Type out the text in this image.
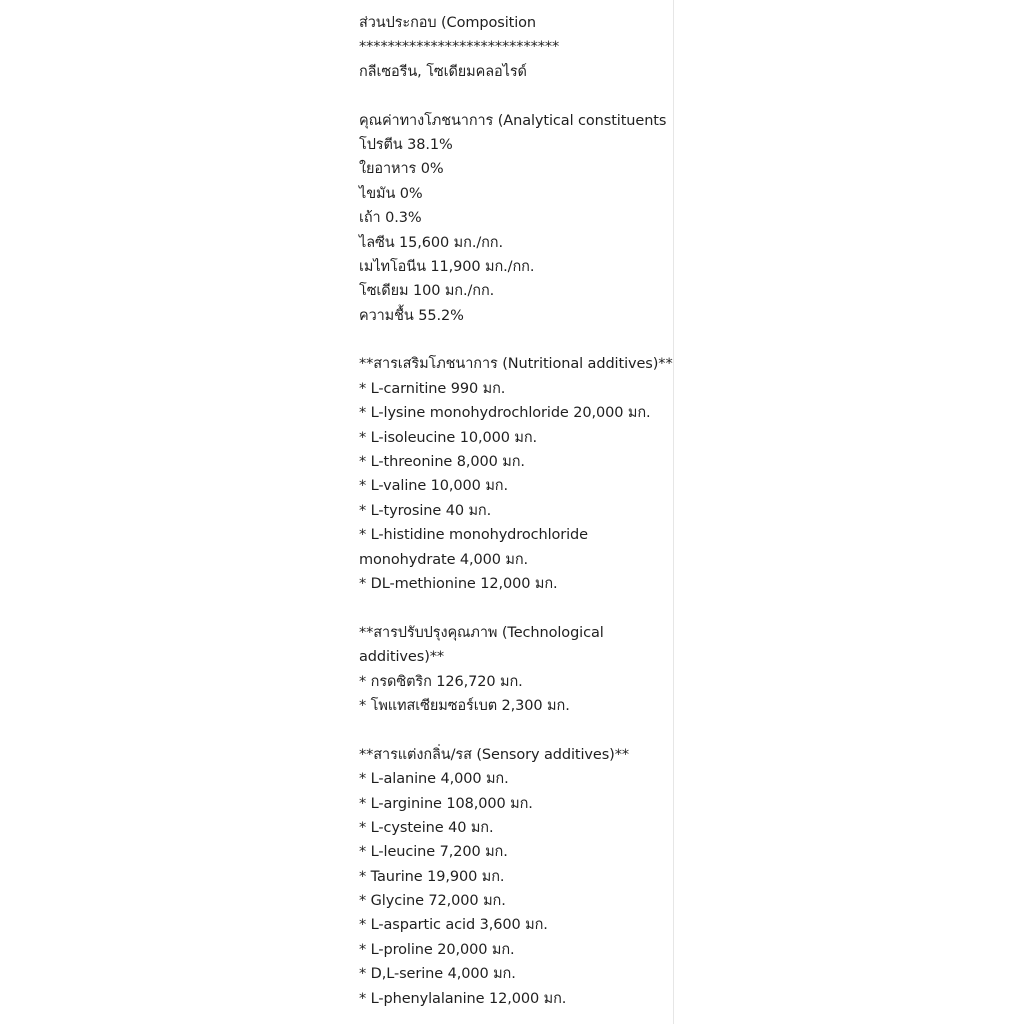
ส่วนประกอบ (Composition
****************************
กลีเซอรีน, โซเดียมคลอไรด์
คุณค่าทางโภชนาการ (Analytical constituents
โปรตีน 38.1%
ใยอาหาร 0%
ไขมัน 0%
เถ้า 0.3%
ไลซีน 15,600 มก./กก.
เมไทโอนีน 11,900 มก./กก.
โซเดียม 100 มก./กก.
ความชื้น 55.2%
**สารเสริมโภชนาการ (Nutritional additives)**
* L-carnitine 990 มก.
* L-lysine monohydrochloride 20,000 มก.
* L-isoleucine 10,000 มก.
* L-threonine 8,000 มก.
* L-valine 10,000 มก.
* L-tyrosine 40 มก.
* L-histidine monohydrochloride
monohydrate 4,000 มก.
* DL-methionine 12,000 มก.
**สารปรับปรุงคุณภาพ (Technological
additives)**
* กรดซิตริก 126,720 มก.
* โพแทสเซียมซอร์เบต 2,300 มก.
**สารแต่งกลิ่น/รส (Sensory additives)**
* L-alanine 4,000 มก.
* L-arginine 108,000 มก.
* L-cysteine 40 มก.
* L-leucine 7,200 มก.
* Taurine 19,900 มก.
* Glycine 72,000 มก.
* L-aspartic acid 3,600 มก.
* L-proline 20,000 มก.
* D,L-serine 4,000 มก.
* L-phenylalanine 12,000 มก.
